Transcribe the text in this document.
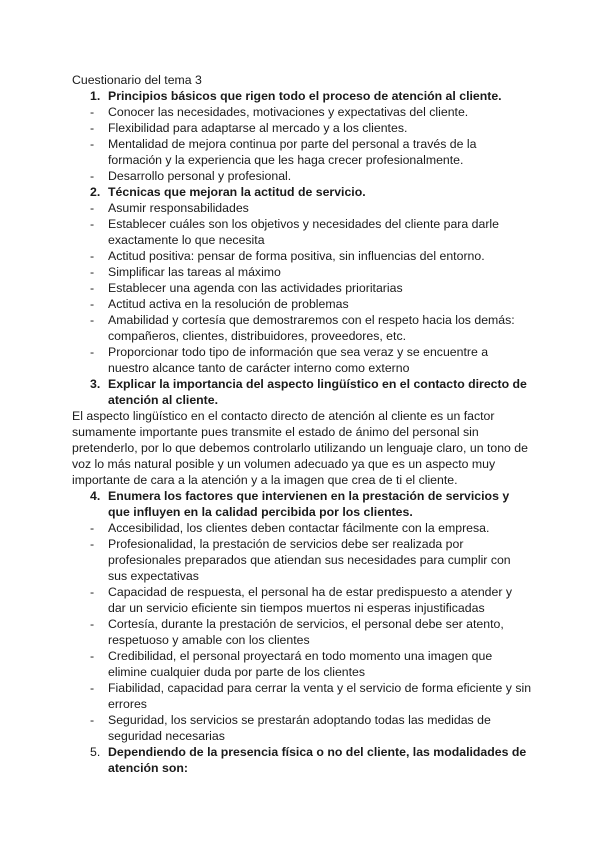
Cuestionario del tema 3

1. Principios básicos que rigen todo el proceso de atención al cliente.
- Conocer las necesidades, motivaciones y expectativas del cliente.
- Flexibilidad para adaptarse al mercado y a los clientes.
- Mentalidad de mejora continua por parte del personal a través de la formación y la experiencia que les haga crecer profesionalmente.
- Desarrollo personal y profesional.
2. Técnicas que mejoran la actitud de servicio.
- Asumir responsabilidades
- Establecer cuáles son los objetivos y necesidades del cliente para darle exactamente lo que necesita
- Actitud positiva: pensar de forma positiva, sin influencias del entorno.
- Simplificar las tareas al máximo
- Establecer una agenda con las actividades prioritarias
- Actitud activa en la resolución de problemas
- Amabilidad y cortesía que demostraremos con el respeto hacia los demás: compañeros, clientes, distribuidores, proveedores, etc.
- Proporcionar todo tipo de información que sea veraz y se encuentre a nuestro alcance tanto de carácter interno como externo
3. Explicar la importancia del aspecto lingüístico en el contacto directo de atención al cliente.

El aspecto lingüístico en el contacto directo de atención al cliente es un factor sumamente importante pues transmite el estado de ánimo del personal sin pretenderlo, por lo que debemos controlarlo utilizando un lenguaje claro, un tono de voz lo más natural posible y un volumen adecuado ya que es un aspecto muy importante de cara a la atención y a la imagen que crea de ti el cliente.

4. Enumera los factores que intervienen en la prestación de servicios y que influyen en la calidad percibida por los clientes.
- Accesibilidad, los clientes deben contactar fácilmente con la empresa.
- Profesionalidad, la prestación de servicios debe ser realizada por profesionales preparados que atiendan sus necesidades para cumplir con sus expectativas
- Capacidad de respuesta, el personal ha de estar predispuesto a atender y dar un servicio eficiente sin tiempos muertos ni esperas injustificadas
- Cortesía, durante la prestación de servicios, el personal debe ser atento, respetuoso y amable con los clientes
- Credibilidad, el personal proyectará en todo momento una imagen que elimine cualquier duda por parte de los clientes
- Fiabilidad, capacidad para cerrar la venta y el servicio de forma eficiente y sin errores
- Seguridad, los servicios se prestarán adoptando todas las medidas de seguridad necesarias
5. Dependiendo de la presencia física o no del cliente, las modalidades de atención son:
